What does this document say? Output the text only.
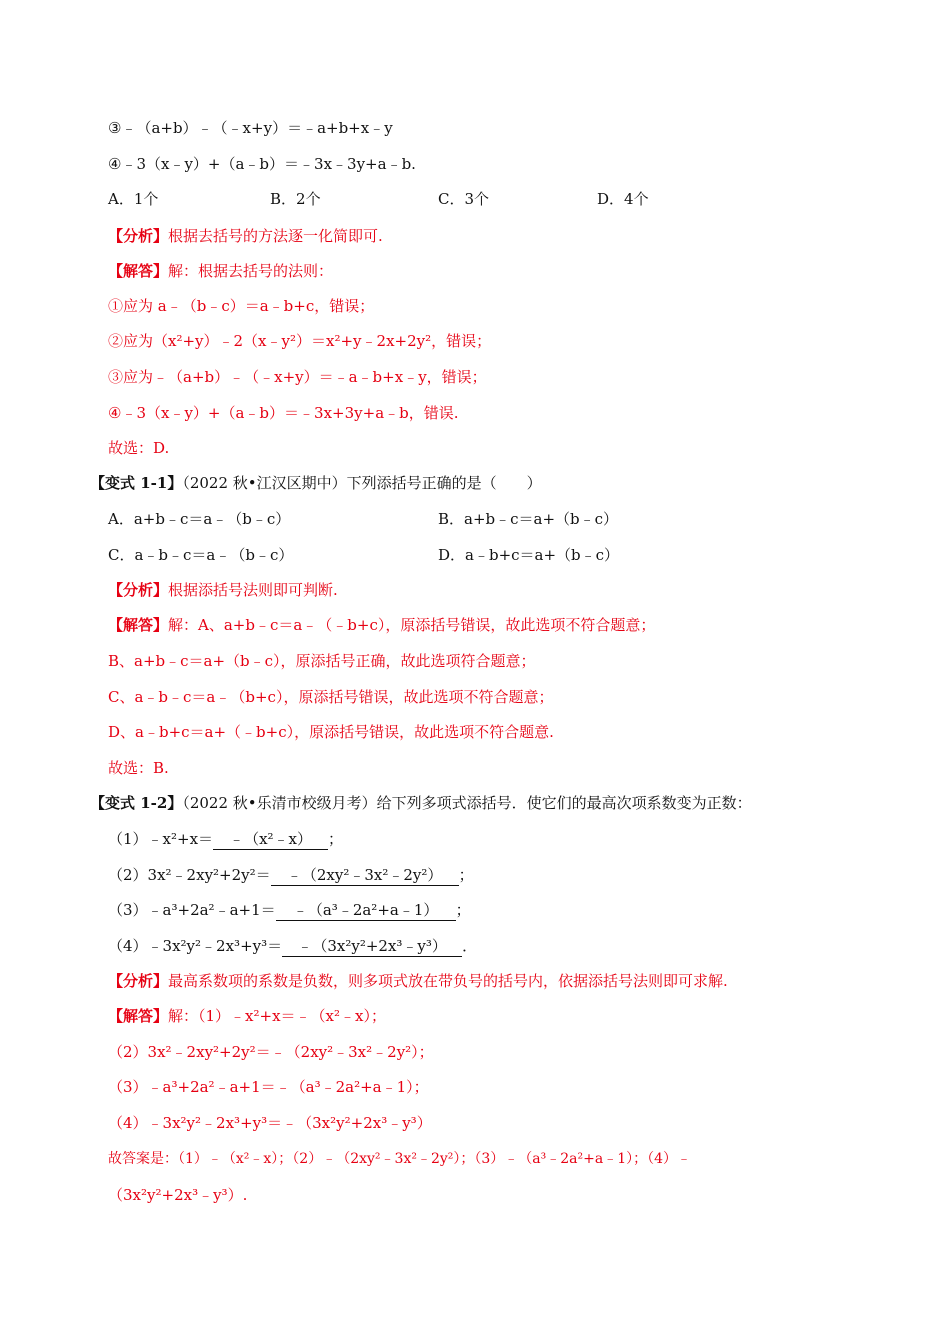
③﹣（a+b）﹣（﹣x+y）＝﹣a+b+x﹣y
④﹣3（x﹣y）+（a﹣b）＝﹣3x﹣3y+a﹣b.
A．1个	B．2个	C．3个	D．4个
【分析】根据去括号的方法逐一化简即可.
【解答】解：根据去括号的法则：
①应为 a﹣（b﹣c）＝a﹣b+c，错误；
②应为（x²+y）﹣2（x﹣y²）＝x²+y﹣2x+2y²，错误；
③应为﹣（a+b）﹣（﹣x+y）＝﹣a﹣b+x﹣y，错误；
④﹣3（x﹣y）+（a﹣b）＝﹣3x+3y+a﹣b，错误.
故选：D.
【变式 1-1】（2022 秋•江汉区期中）下列添括号正确的是（　　）
A．a+b﹣c＝a﹣（b﹣c）	B．a+b﹣c＝a+（b﹣c）
C．a﹣b﹣c＝a﹣（b﹣c）	D．a﹣b+c＝a+（b﹣c）
【分析】根据添括号法则即可判断.
【解答】解：A、a+b﹣c＝a﹣（﹣b+c），原添括号错误，故此选项不符合题意；
B、a+b﹣c＝a+（b﹣c），原添括号正确，故此选项符合题意；
C、a﹣b﹣c＝a﹣（b+c），原添括号错误，故此选项不符合题意；
D、a﹣b+c＝a+（﹣b+c），原添括号错误，故此选项不符合题意.
故选：B.
【变式 1-2】（2022 秋•乐清市校级月考）给下列多项式添括号．使它们的最高次项系数变为正数：
（1）﹣x²+x＝ ﹣（x²﹣x） ；
（2）3x²﹣2xy²+2y²＝ ﹣（2xy²﹣3x²﹣2y²） ；
（3）﹣a³+2a²﹣a+1＝ ﹣（a³﹣2a²+a﹣1） ；
（4）﹣3x²y²﹣2x³+y³＝ ﹣（3x²y²+2x³﹣y³） ．
【分析】最高系数项的系数是负数，则多项式放在带负号的括号内，依据添括号法则即可求解.
【解答】解：（1）﹣x²+x＝﹣（x²﹣x）；
（2）3x²﹣2xy²+2y²＝﹣（2xy²﹣3x²﹣2y²）；
（3）﹣a³+2a²﹣a+1＝﹣（a³﹣2a²+a﹣1）；
（4）﹣3x²y²﹣2x³+y³＝﹣（3x²y²+2x³﹣y³）
故答案是：（1）﹣（x²﹣x）；（2）﹣（2xy²﹣3x²﹣2y²）；（3）﹣（a³﹣2a²+a﹣1）；（4）﹣
（3x²y²+2x³﹣y³）.
